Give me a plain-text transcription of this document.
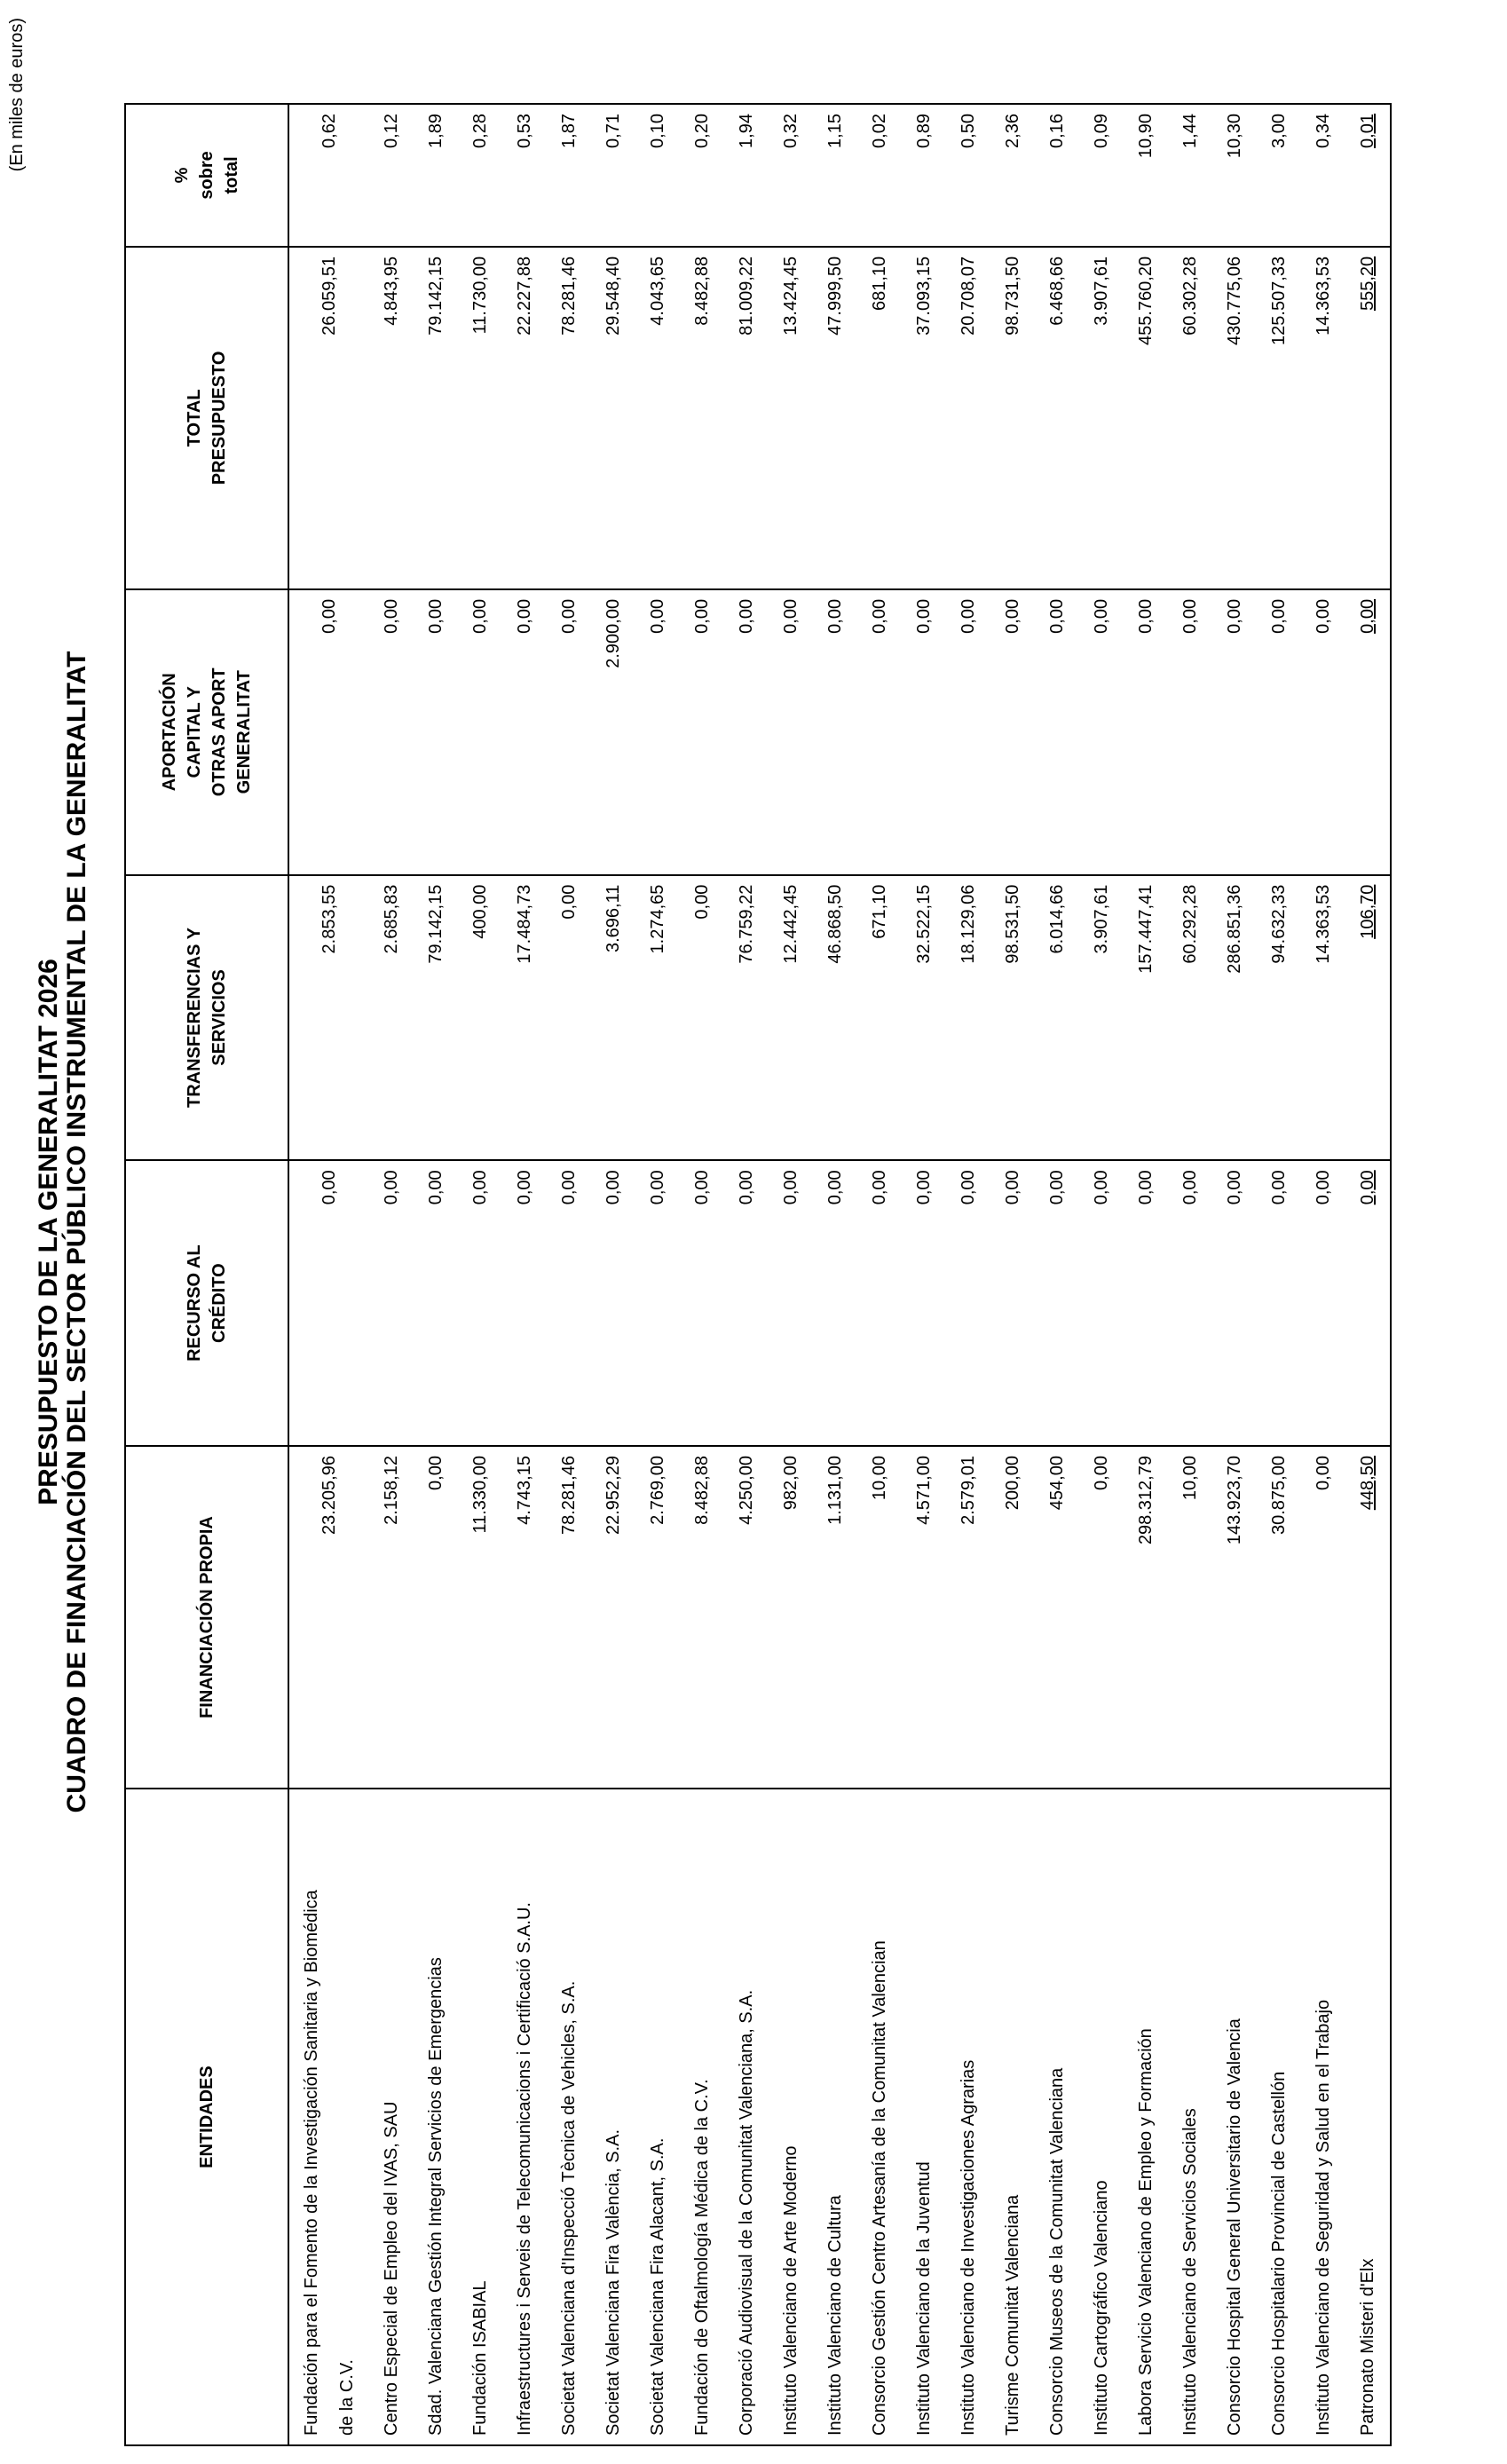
PRESUPUESTO DE LA GENERALITAT 2026 CUADRO DE FINANCIACIÓN DEL SECTOR PÚBLICO INSTRUMENTAL DE LA GENERALITAT
(En miles de euros)
ENTIDADES	FINANCIACIÓN PROPIA	RECURSO AL CRÉDITO	TRANSFERENCIAS Y SERVICIOS	APORTACIÓN CAPITAL Y OTRAS APORT GENERALITAT	TOTAL PRESUPUESTO	% sobre total
Fundación para el Fomento de la Investigación Sanitaria y Biomédica de la C.V.	23.205,96	0,00	2.853,55	0,00	26.059,51	0,62
Centro Especial de Empleo del IVAS, SAU	2.158,12	0,00	2.685,83	0,00	4.843,95	0,12
Sdad. Valenciana Gestión Integral Servicios de Emergencias	0,00	0,00	79.142,15	0,00	79.142,15	1,89
Fundación ISABIAL	11.330,00	0,00	400,00	0,00	11.730,00	0,28
Infraestructures i Serveis de Telecomunicacions i Certificació S.A.U.	4.743,15	0,00	17.484,73	0,00	22.227,88	0,53
Societat Valenciana d'Inspecció Tècnica de Vehicles, S.A.	78.281,46	0,00	0,00	0,00	78.281,46	1,87
Societat Valenciana Fira València, S.A.	22.952,29	0,00	3.696,11	2.900,00	29.548,40	0,71
Societat Valenciana Fira Alacant, S.A.	2.769,00	0,00	1.274,65	0,00	4.043,65	0,10
Fundación de Oftalmología Médica de la C.V.	8.482,88	0,00	0,00	0,00	8.482,88	0,20
Corporació Audiovisual de la Comunitat Valenciana, S.A.	4.250,00	0,00	76.759,22	0,00	81.009,22	1,94
Instituto Valenciano de Arte Moderno	982,00	0,00	12.442,45	0,00	13.424,45	0,32
Instituto Valenciano de Cultura	1.131,00	0,00	46.868,50	0,00	47.999,50	1,15
Consorcio Gestión Centro Artesanía de la Comunitat Valencian	10,00	0,00	671,10	0,00	681,10	0,02
Instituto Valenciano de la Juventud	4.571,00	0,00	32.522,15	0,00	37.093,15	0,89
Instituto Valenciano de Investigaciones Agrarias	2.579,01	0,00	18.129,06	0,00	20.708,07	0,50
Turisme Comunitat Valenciana	200,00	0,00	98.531,50	0,00	98.731,50	2,36
Consorcio Museos de la Comunitat Valenciana	454,00	0,00	6.014,66	0,00	6.468,66	0,16
Instituto Cartográfico Valenciano	0,00	0,00	3.907,61	0,00	3.907,61	0,09
Labora Servicio Valenciano de Empleo y Formación	298.312,79	0,00	157.447,41	0,00	455.760,20	10,90
Instituto Valenciano de Servicios Sociales	10,00	0,00	60.292,28	0,00	60.302,28	1,44
Consorcio Hospital General Universitario de Valencia	143.923,70	0,00	286.851,36	0,00	430.775,06	10,30
Consorcio Hospitalario Provincial de Castellón	30.875,00	0,00	94.632,33	0,00	125.507,33	3,00
Instituto Valenciano de Seguridad y Salud en el Trabajo	0,00	0,00	14.363,53	0,00	14.363,53	0,34
Patronato Misteri d'Elx	448,50	0,00	106,70	0,00	555,20	0,01
